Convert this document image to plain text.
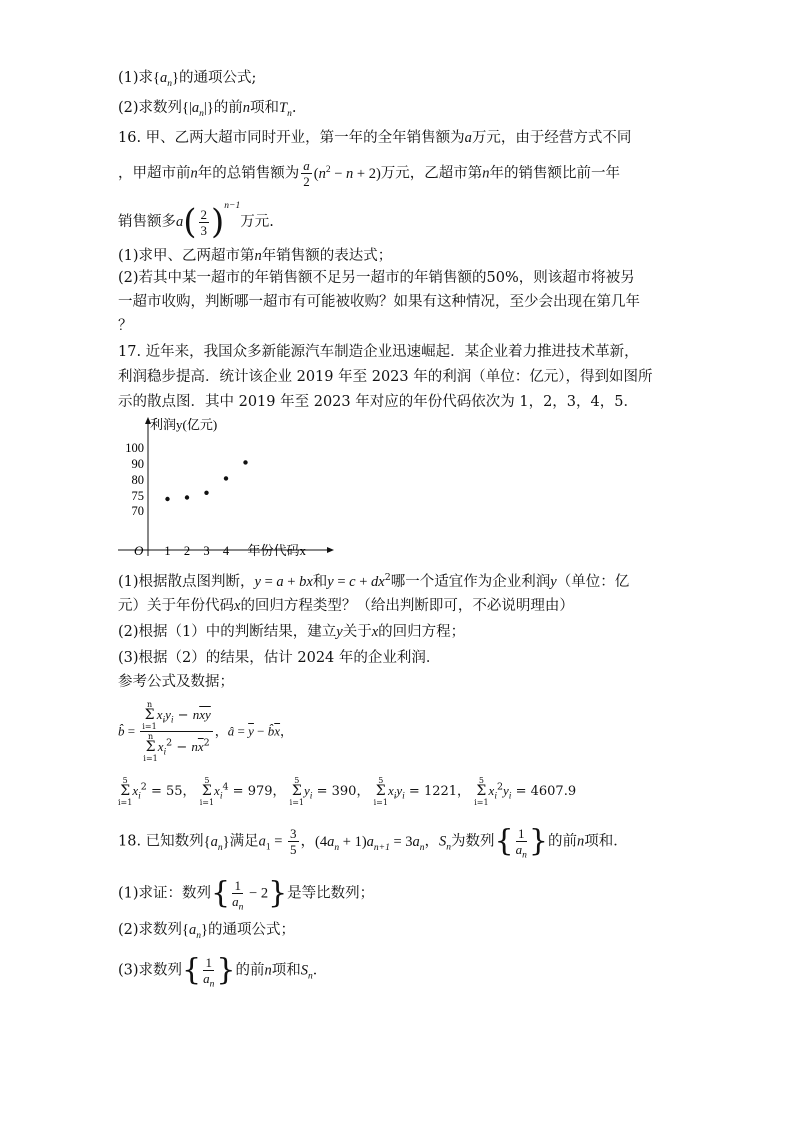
(1)求$\{a_n\}$的通项公式;
(2)求数列$\{|a_n|\}$的前n项和$T_n$.
16. 甲、乙两大超市同时开业，第一年的全年销售额为a万元，由于经营方式不同
，甲超市前n年的总销售额为 $\frac{a}{2} (n^2 - n + 2)$万元，乙超市第n年的销售额比前一年
销售额多$a( \frac{2}{3} )^{n-1}$万元.
(1)求甲、乙两超市第n年销售额的表达式；
(2)若其中某一超市的年销售额不足另一超市的年销售额的50%，则该超市将被另
一超市收购，判断哪一超市有可能被收购？如果有这种情况，至少会出现在第几年
？
17. 近年来，我国众多新能源汽车制造企业迅速崛起．某企业着力推进技术革新，
利润稳步提高．统计该企业 2019 年至 2023 年的利润（单位：亿元），得到如图所
示的散点图．其中 2019 年至 2023 年对应的年份代码依次为 1，2，3，4，5．
利润y(亿元)
年份代码x
O
70
75
80
90
100
1 2 3 4
(1)根据散点图判断，y = a + bx和$y = c + dx^2$哪一个适宜作为企业利润y（单位：亿
元）关于年份代码x的回归方程类型？（给出判断即可，不必说明理由）
(2)根据（1）中的判断结果，建立y关于x的回归方程；
(3)根据（2）的结果，估计 2024 年的企业利润．
参考公式及数据；
b̂ = n
Σ
$i=1x_iy_i - n\overline{x}\overline{y}$
n
Σ
$i=1x_i^2 - n\overline{x}^2$ ，â = $\overline{y}$ − $b̂\overline{x}$，
5
Σ
$i=1x_i^2 = 55$， 5
Σ
$i=1x_i^4 = 979$， 5
Σ
$i=1y_i = 390$， 5
Σ
$i=1x_iy_i = 1221$， 5
Σ
$i=1x_i^2y_i = 4607.9$
18. 已知数列$\{a_n\}$满足$a_1 = \frac{3}{5}$ ，$(4a_n + 1)a_{n+1} = 3a_n$，$S_n$为数列{ $\frac{1}{a_n}$ }的前n项和．
(1)求证：数列{ $\frac{1}{a_n} - 2$}是等比数列；
(2)求数列$\{a_n\}$的通项公式；
(3)求数列{ $\frac{1}{a_n}$ }的前n项和$S_n$．
